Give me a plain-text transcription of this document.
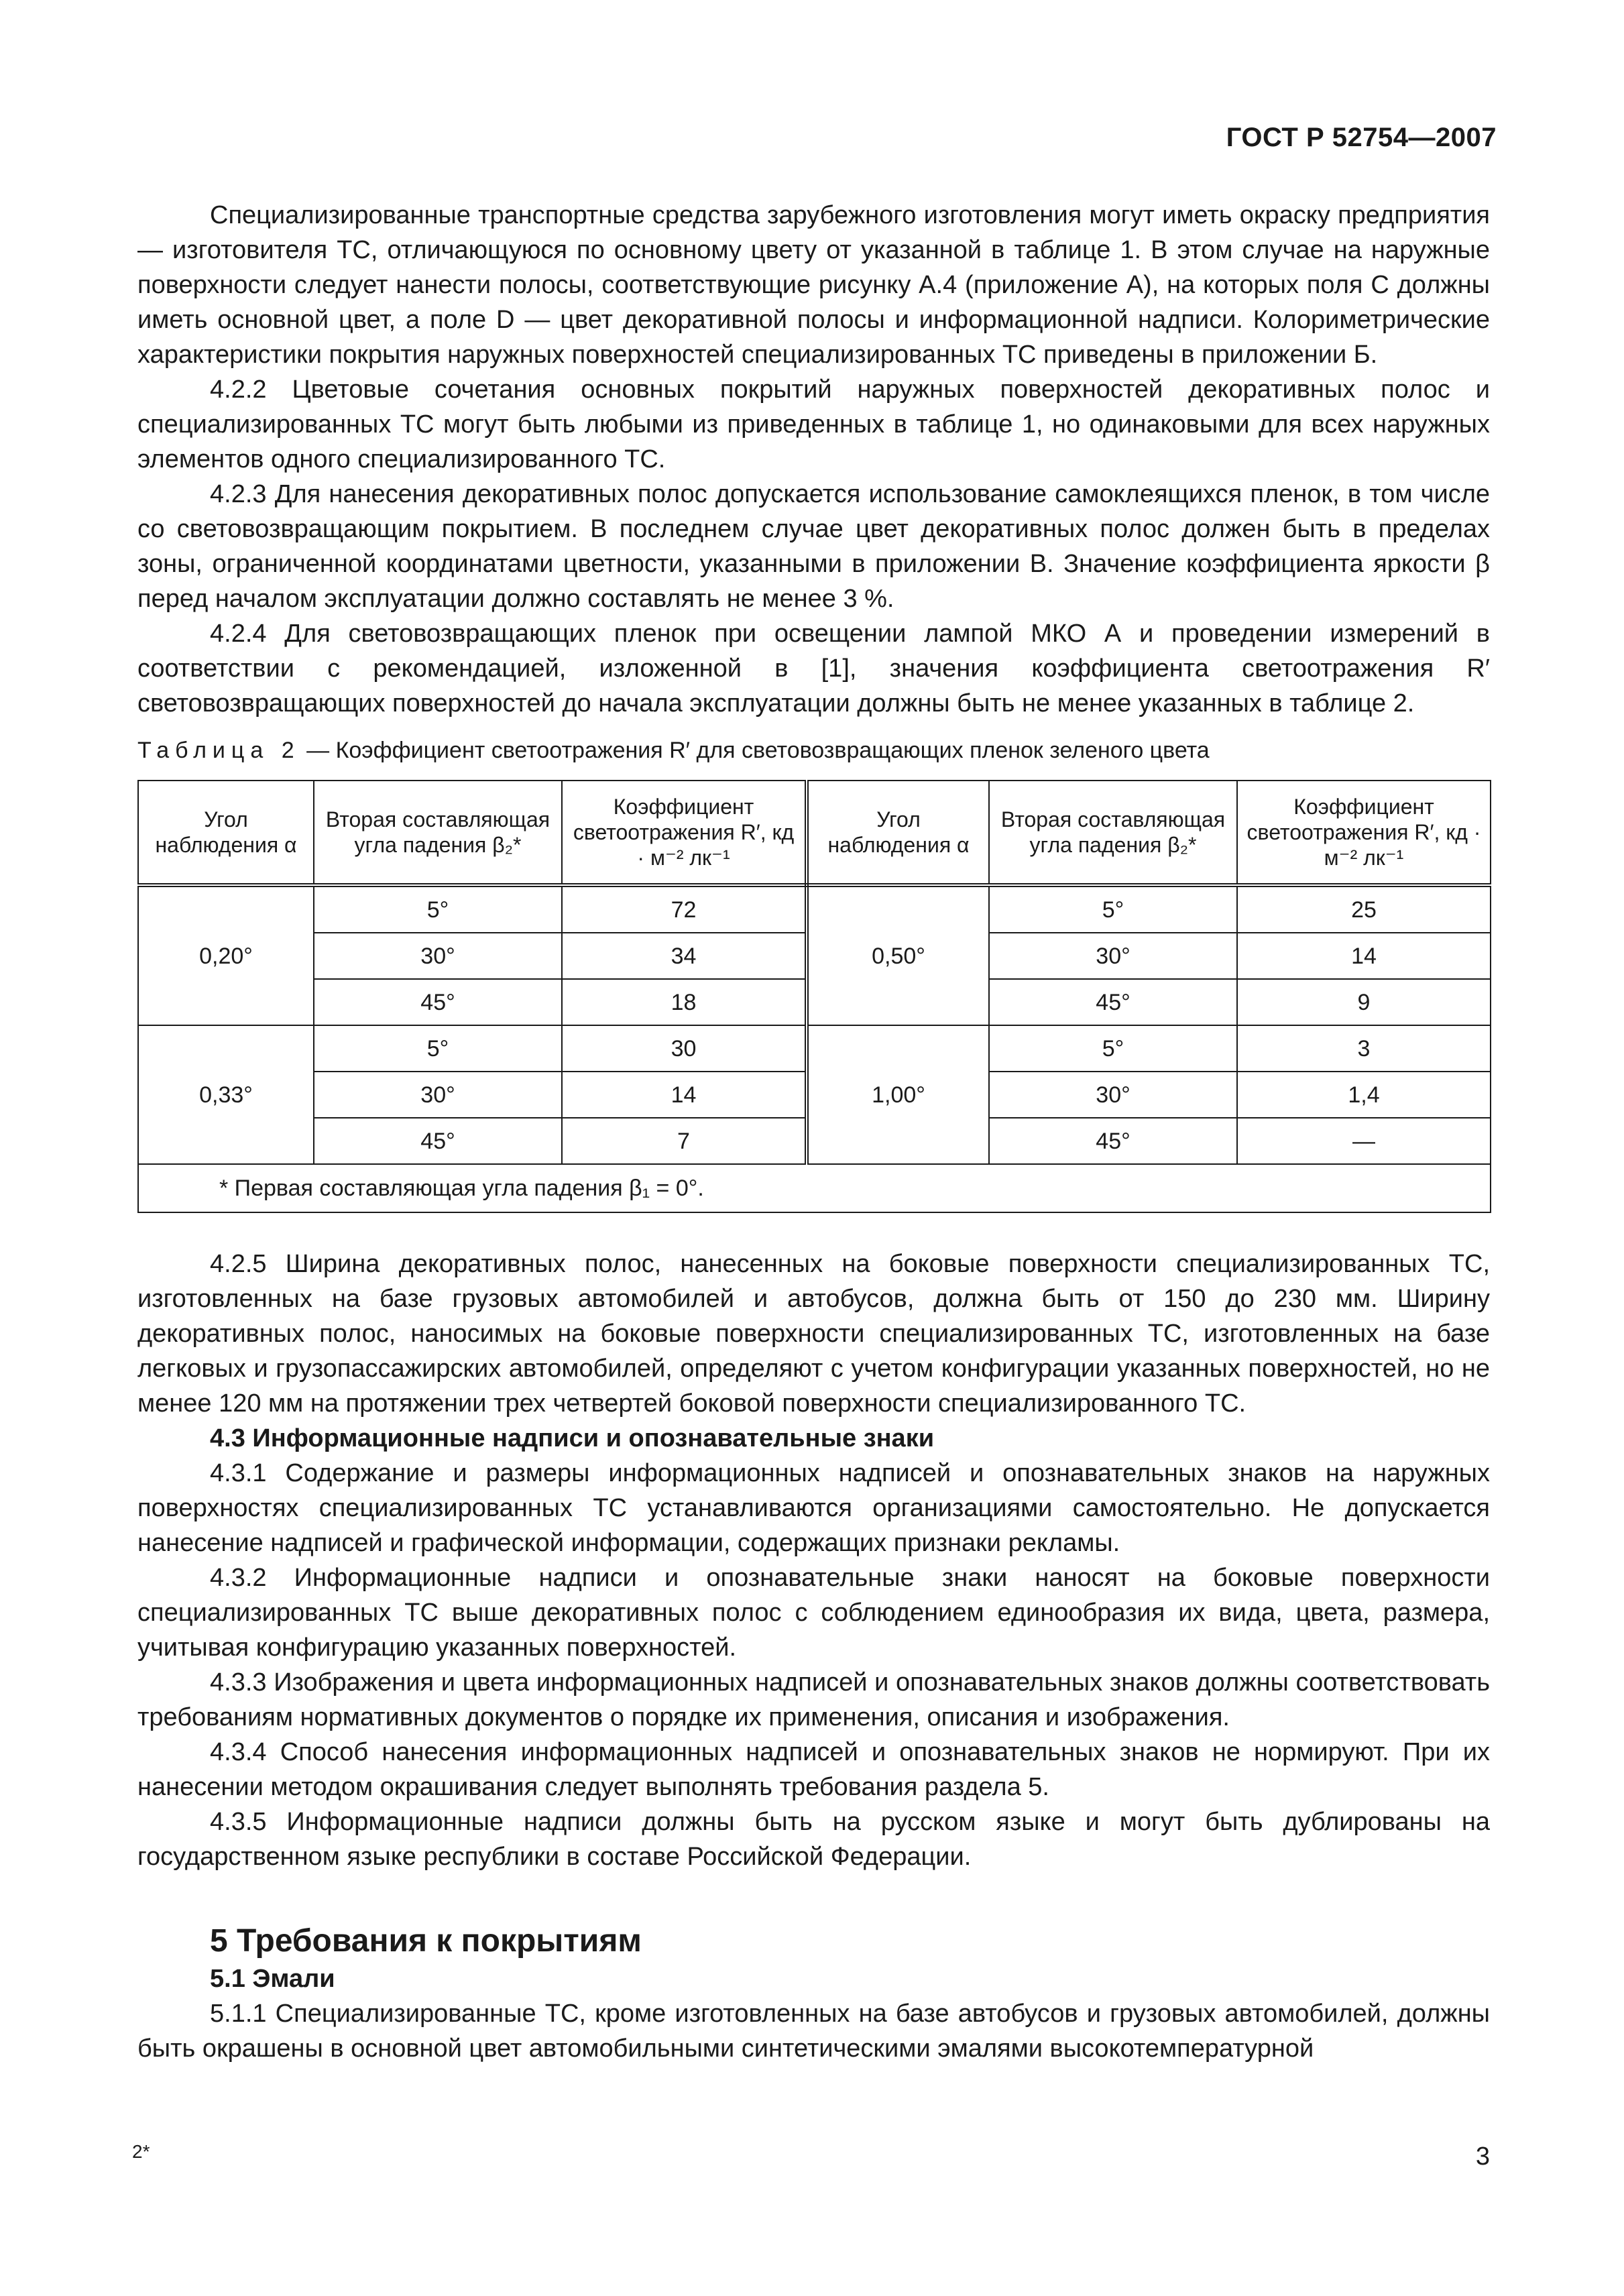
ГОСТ Р 52754—2007

Специализированные транспортные средства зарубежного изготовления могут иметь окраску предприятия — изготовителя ТС, отличающуюся по основному цвету от указанной в таблице 1. В этом случае на наружные поверхности следует нанести полосы, соответствующие рисунку А.4 (приложение А), на которых поля C должны иметь основной цвет, а поле D — цвет декоративной полосы и информационной надписи. Колориметрические характеристики покрытия наружных поверхностей специализированных ТС приведены в приложении Б.

4.2.2 Цветовые сочетания основных покрытий наружных поверхностей декоративных полос и специализированных ТС могут быть любыми из приведенных в таблице 1, но одинаковыми для всех наружных элементов одного специализированного ТС.

4.2.3 Для нанесения декоративных полос допускается использование самоклеящихся пленок, в том числе со световозвращающим покрытием. В последнем случае цвет декоративных полос должен быть в пределах зоны, ограниченной координатами цветности, указанными в приложении В. Значение коэффициента яркости β перед началом эксплуатации должно составлять не менее 3 %.

4.2.4 Для световозвращающих пленок при освещении лампой МКО А и проведении измерений в соответствии с рекомендацией, изложенной в [1], значения коэффициента светоотражения R′ световозвращающих поверхностей до начала эксплуатации должны быть не менее указанных в таблице 2.

Таблица 2 — Коэффициент светоотражения R′ для световозвращающих пленок зеленого цвета
Угол наблюдения α	Вторая составляющая угла падения β₂*	Коэффициент светоотражения R′, кд · м⁻² лк⁻¹	Угол наблюдения α	Вторая составляющая угла падения β₂*	Коэффициент светоотражения R′, кд · м⁻² лк⁻¹
0,20°	5°	72	0,50°	5°	25
	30°	34		30°	14
	45°	18		45°	9
0,33°	5°	30	1,00°	5°	3
	30°	14		30°	1,4
	45°	7		45°	—
* Первая составляющая угла падения β₁ = 0°.					

4.2.5 Ширина декоративных полос, нанесенных на боковые поверхности специализированных ТС, изготовленных на базе грузовых автомобилей и автобусов, должна быть от 150 до 230 мм. Ширину декоративных полос, наносимых на боковые поверхности специализированных ТС, изготовленных на базе легковых и грузопассажирских автомобилей, определяют с учетом конфигурации указанных поверхностей, но не менее 120 мм на протяжении трех четвертей боковой поверхности специализированного ТС.

4.3 Информационные надписи и опознавательные знаки

4.3.1 Содержание и размеры информационных надписей и опознавательных знаков на наружных поверхностях специализированных ТС устанавливаются организациями самостоятельно. Не допускается нанесение надписей и графической информации, содержащих признаки рекламы.

4.3.2 Информационные надписи и опознавательные знаки наносят на боковые поверхности специализированных ТС выше декоративных полос с соблюдением единообразия их вида, цвета, размера, учитывая конфигурацию указанных поверхностей.

4.3.3 Изображения и цвета информационных надписей и опознавательных знаков должны соответствовать требованиям нормативных документов о порядке их применения, описания и изображения.

4.3.4 Способ нанесения информационных надписей и опознавательных знаков не нормируют. При их нанесении методом окрашивания следует выполнять требования раздела 5.

4.3.5 Информационные надписи должны быть на русском языке и могут быть дублированы на государственном языке республики в составе Российской Федерации.

5 Требования к покрытиям

5.1 Эмали

5.1.1 Специализированные ТС, кроме изготовленных на базе автобусов и грузовых автомобилей, должны быть окрашены в основной цвет автомобильными синтетическими эмалями высокотемпературной

2*	3
